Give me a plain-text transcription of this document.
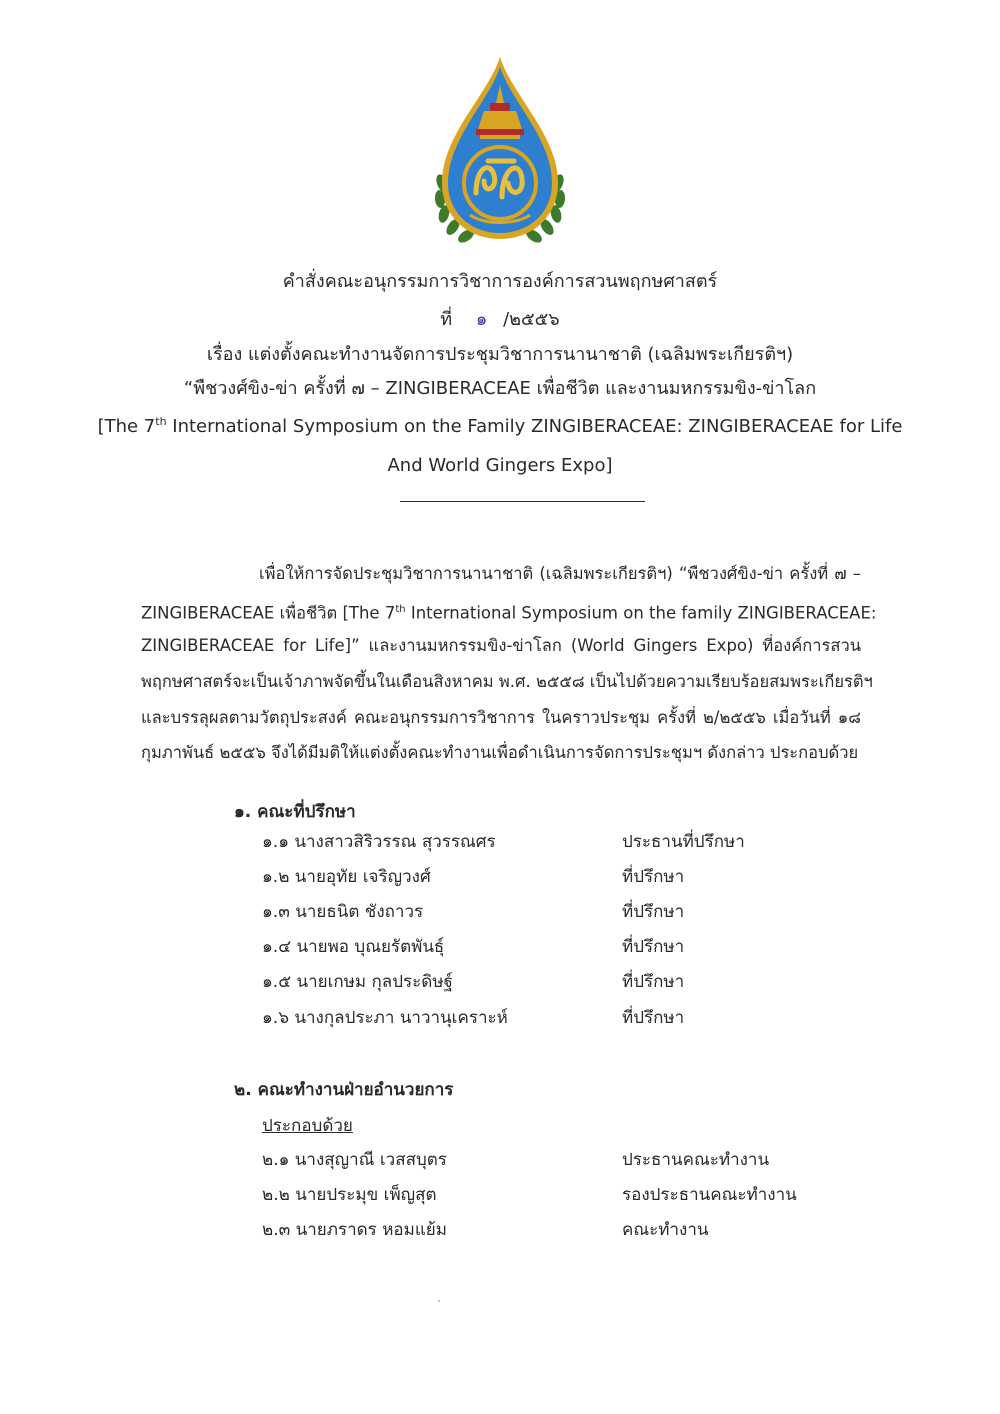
คำสั่งคณะอนุกรรมการวิชาการองค์การสวนพฤกษศาสตร์
ที่ ๑ /๒๕๕๖
เรื่อง แต่งตั้งคณะทำงานจัดการประชุมวิชาการนานาชาติ (เฉลิมพระเกียรติฯ)
“พืชวงศ์ขิง-ข่า ครั้งที่ ๗ – ZINGIBERACEAE เพื่อชีวิต และงานมหกรรมขิง-ข่าโลก
[The 7th International Symposium on the Family ZINGIBERACEAE: ZINGIBERACEAE for Life
And World Gingers Expo]
เพื่อให้การจัดประชุมวิชาการนานาชาติ (เฉลิมพระเกียรติฯ) “พืชวงศ์ขิง-ข่า ครั้งที่ ๗ –
ZINGIBERACEAE เพื่อชีวิต [The 7th International Symposium on the family ZINGIBERACEAE:
ZINGIBERACEAE for Life]” และงานมหกรรมขิง-ข่าโลก (World Gingers Expo) ที่องค์การสวน
พฤกษศาสตร์จะเป็นเจ้าภาพจัดขึ้นในเดือนสิงหาคม พ.ศ. ๒๕๕๘ เป็นไปด้วยความเรียบร้อยสมพระเกียรติฯ
และบรรลุผลตามวัตถุประสงค์ คณะอนุกรรมการวิชาการ ในคราวประชุม ครั้งที่ ๒/๒๕๕๖ เมื่อวันที่ ๑๘
กุมภาพันธ์ ๒๕๕๖ จึงได้มีมติให้แต่งตั้งคณะทำงานเพื่อดำเนินการจัดการประชุมฯ ดังกล่าว ประกอบด้วย
๑. คณะที่ปรึกษา
๑.๑ นางสาวสิริวรรณ สุวรรณศร	ประธานที่ปรึกษา
๑.๒ นายอุทัย เจริญวงศ์	ที่ปรึกษา
๑.๓ นายธนิต ชังถาวร	ที่ปรึกษา
๑.๔ นายพอ บุณยรัตพันธุ์	ที่ปรึกษา
๑.๕ นายเกษม กุลประดิษฐ์	ที่ปรึกษา
๑.๖ นางกุลประภา นาวานุเคราะห์	ที่ปรึกษา
๒. คณะทำงานฝ่ายอำนวยการ
ประกอบด้วย
๒.๑ นางสุญาณี เวสสบุตร	ประธานคณะทำงาน
๒.๒ นายประมุข เพ็ญสุต	รองประธานคณะทำงาน
๒.๓ นายภราดร หอมแย้ม	คณะทำงาน
